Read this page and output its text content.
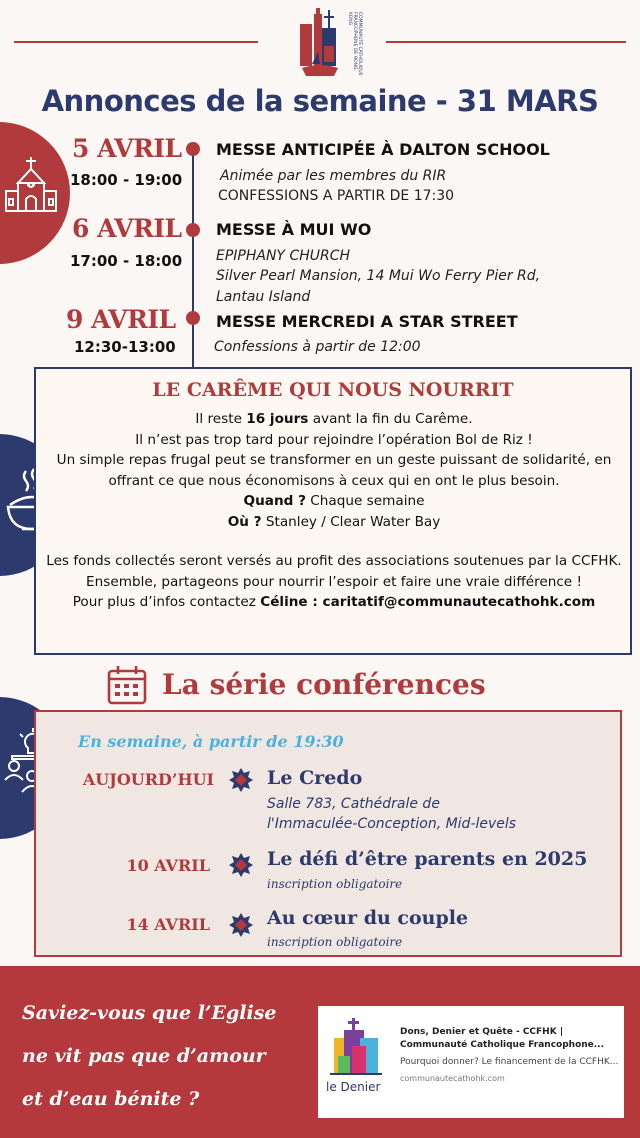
COMMUNAUTÉ CATHOLIQUE FRANCOPHONE DE HONG KONG
Annonces de la semaine - 31 MARS
5 AVRIL
18:00 - 19:00
MESSE ANTICIPÉE À DALTON SCHOOL
Animée par les membres du RIR
CONFESSIONS A PARTIR DE 17:30
6 AVRIL
17:00 - 18:00
MESSE À MUI WO
EPIPHANY CHURCH
Silver Pearl Mansion, 14 Mui Wo Ferry Pier Rd,
Lantau Island
9 AVRIL
12:30-13:00
MESSE MERCREDI A STAR STREET
Confessions à partir de 12:00
LE CARÊME QUI NOUS NOURRIT

Il reste 16 jours avant la fin du Carême.

Il n’est pas trop tard pour rejoindre l’opération Bol de Riz !

Un simple repas frugal peut se transformer en un geste puissant de solidarité, en offrant ce que nous économisons à ceux qui en ont le plus besoin.

Quand ? Chaque semaine

Où ? Stanley / Clear Water Bay

Les fonds collectés seront versés au profit des associations soutenues par la CCFHK.

Ensemble, partageons pour nourrir l’espoir et faire une vraie différence !

Pour plus d’infos contactez Céline : caritatif@communautecathohk.com

La série conférences
En semaine, à partir de 19:30
AUJOURD’HUI	Le Credo
Salle 783, Cathédrale de
l'Immaculée-Conception, Mid-levels
10 AVRIL	Le défi d’être parents en 2025
inscription obligatoire
14 AVRIL	Au cœur du couple
inscription obligatoire
Saviez-vous que l’Eglise
ne vit pas que d’amour
et d’eau bénite ?
le Denier
Dons, Denier et Quête - CCFHK |
Communauté Catholique Francophone...
Pourquoi donner? Le financement de la CCFHK...
communautecathohk.com
